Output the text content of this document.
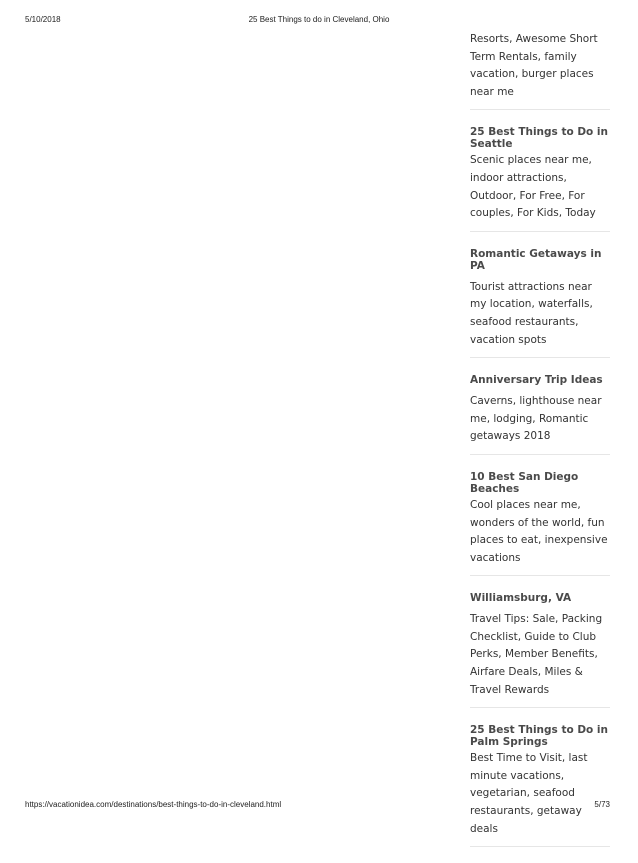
5/10/2018	25 Best Things to do in Cleveland, Ohio

Resorts, Awesome Short Term Rentals, family vacation, burger places near me

25 Best Things to Do in Seattle

Scenic places near me, indoor attractions, Outdoor, For Free, For couples, For Kids, Today

Romantic Getaways in PA

Tourist attractions near my location, waterfalls, seafood restaurants, vacation spots

Anniversary Trip Ideas

Caverns, lighthouse near me, lodging, Romantic getaways 2018

10 Best San Diego Beaches

Cool places near me, wonders of the world, fun places to eat, inexpensive vacations

Williamsburg, VA

Travel Tips: Sale, Packing Checklist, Guide to Club Perks, Member Benefits, Airfare Deals, Miles & Travel Rewards

25 Best Things to Do in Palm Springs

Best Time to Visit, last minute vacations, vegetarian, seafood restaurants, getaway deals

https://vacationidea.com/destinations/best-things-to-do-in-cleveland.html	5/73
